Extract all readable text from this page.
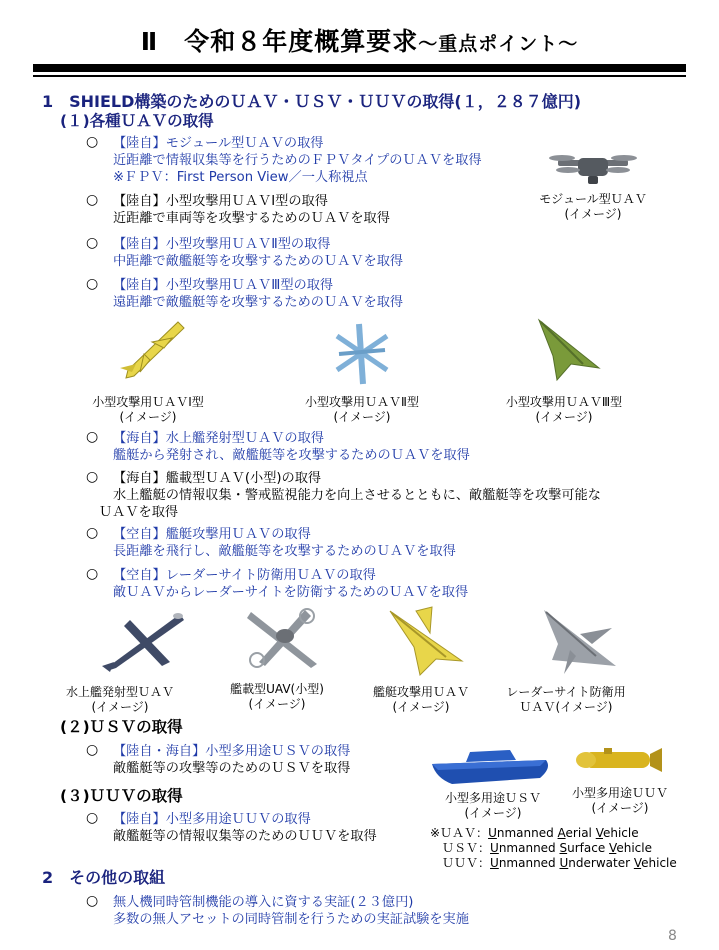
Ⅱ　令和８年度概算要求～重点ポイント～
1　SHIELD構築のためのＵＡＶ・ＵＳＶ・ＵＵＶの取得(１，２８７億円)
(１)各種ＵＡＶの取得
○ 【陸自】モジュール型ＵＡＶの取得
近距離で情報収集等を行うためのＦＰＶタイプのＵＡＶを取得
※ＦＰＶ：First Person View／一人称視点
○ 【陸自】小型攻撃用ＵＡＶⅠ型の取得
近距離で車両等を攻撃するためのＵＡＶを取得
○ 【陸自】小型攻撃用ＵＡＶⅡ型の取得
中距離で敵艦艇等を攻撃するためのＵＡＶを取得
○ 【陸自】小型攻撃用ＵＡＶⅢ型の取得
遠距離で敵艦艇等を攻撃するためのＵＡＶを取得
モジュール型ＵＡＶ
(イメージ)
小型攻撃用ＵＡＶⅠ型
(イメージ)
小型攻撃用ＵＡＶⅡ型
(イメージ)
小型攻撃用ＵＡＶⅢ型
(イメージ)
○ 【海自】水上艦発射型ＵＡＶの取得
艦艇から発射され、敵艦艇等を攻撃するためのＵＡＶを取得
○ 【海自】艦載型ＵＡＶ(小型)の取得
水上艦艇の情報収集・警戒監視能力を向上させるとともに、敵艦艇等を攻撃可能な
ＵＡＶを取得
○ 【空自】艦艇攻撃用ＵＡＶの取得
長距離を飛行し、敵艦艇等を攻撃するためのＵＡＶを取得
○ 【空自】レーダーサイト防衛用ＵＡＶの取得
敵ＵＡＶからレーダーサイトを防衛するためのＵＡＶを取得
水上艦発射型ＵＡＶ
(イメージ)
艦載型UAV(小型)
(イメージ)
艦艇攻撃用ＵＡＶ
(イメージ)
レーダーサイト防衛用
ＵＡＶ(イメージ)
(２)ＵＳＶの取得
○ 【陸自・海自】小型多用途ＵＳＶの取得
敵艦艇等の攻撃等のためのＵＳＶを取得
(３)ＵＵＶの取得
○ 【陸自】小型多用途ＵＵＶの取得
敵艦艇等の情報収集等のためのＵＵＶを取得
小型多用途ＵＳＶ
(イメージ)
小型多用途ＵＵＶ
(イメージ)
※ＵＡＶ：Unmanned Aerial Vehicle
ＵＳＶ：Unmanned Surface Vehicle
ＵＵＶ：Unmanned Underwater Vehicle
2　その他の取組
○ 無人機同時管制機能の導入に資する実証(２３億円)
多数の無人アセットの同時管制を行うための実証試験を実施
8
